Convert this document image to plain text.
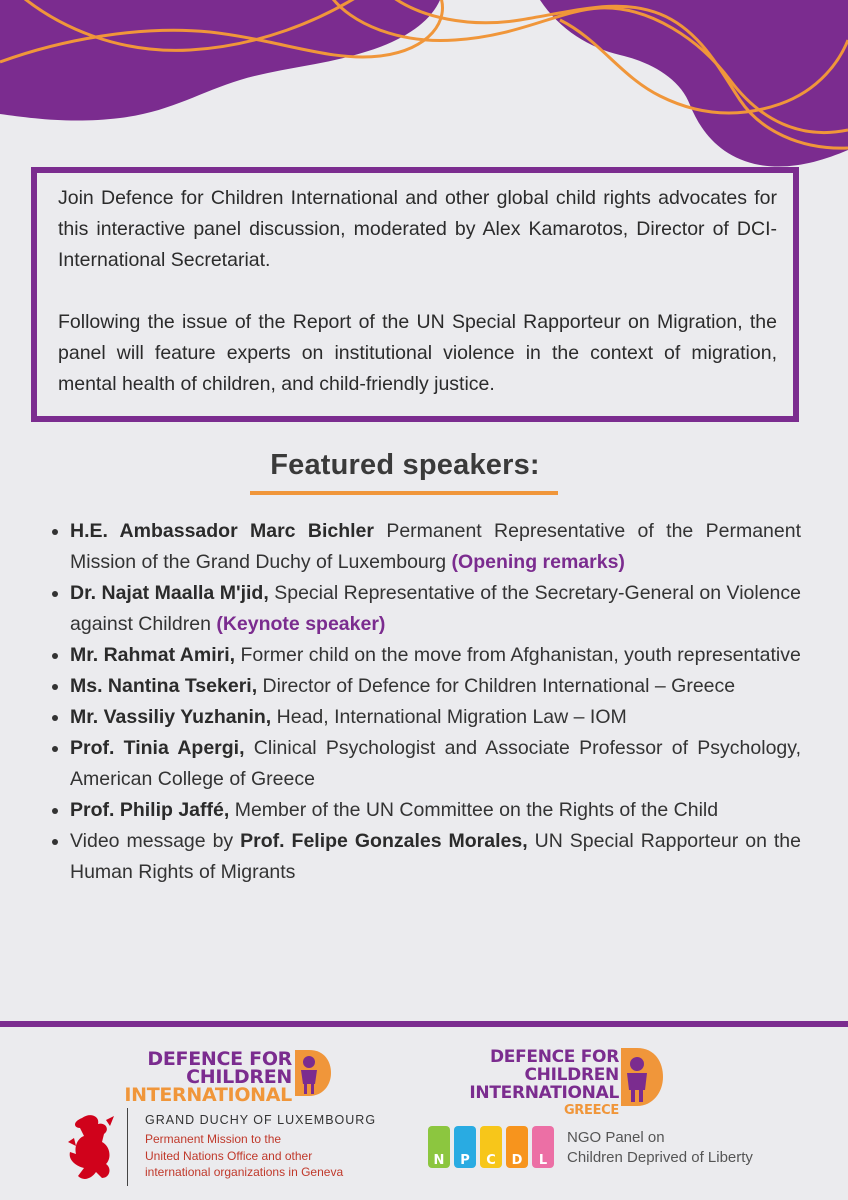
Join Defence for Children International and other global child rights advocates for this interactive panel discussion, moderated by Alex Kamarotos, Director of DCI- International Secretariat.

Following the issue of the Report of the UN Special Rapporteur on Migration, the panel will feature experts on institutional violence in the context of migration, mental health of children, and child-friendly justice.

Featured speakers:
• H.E. Ambassador Marc Bichler Permanent Representative of the Permanent Mission of the Grand Duchy of Luxembourg (Opening remarks)
• Dr. Najat Maalla M'jid, Special Representative of the Secretary-General on Violence against Children (Keynote speaker)
• Mr. Rahmat Amiri, Former child on the move from Afghanistan, youth representative
• Ms. Nantina Tsekeri, Director of Defence for Children International – Greece
• Mr. Vassiliy Yuzhanin, Head, International Migration Law – IOM
• Prof. Tinia Apergi, Clinical Psychologist and Associate Professor of Psychology, American College of Greece
• Prof. Philip Jaffé, Member of the UN Committee on the Rights of the Child
• Video message by Prof. Felipe Gonzales Morales, UN Special Rapporteur on the Human Rights of Migrants
DEFENCE FOR CHILDREN
INTERNATIONAL
DEFENCE FOR CHILDREN
INTERNATIONAL
GREECE
GRAND DUCHY OF LUXEMBOURG
Permanent Mission to the
United Nations Office and other
international organizations in Geneva
N P C D L
NGO Panel on
Children Deprived of Liberty
